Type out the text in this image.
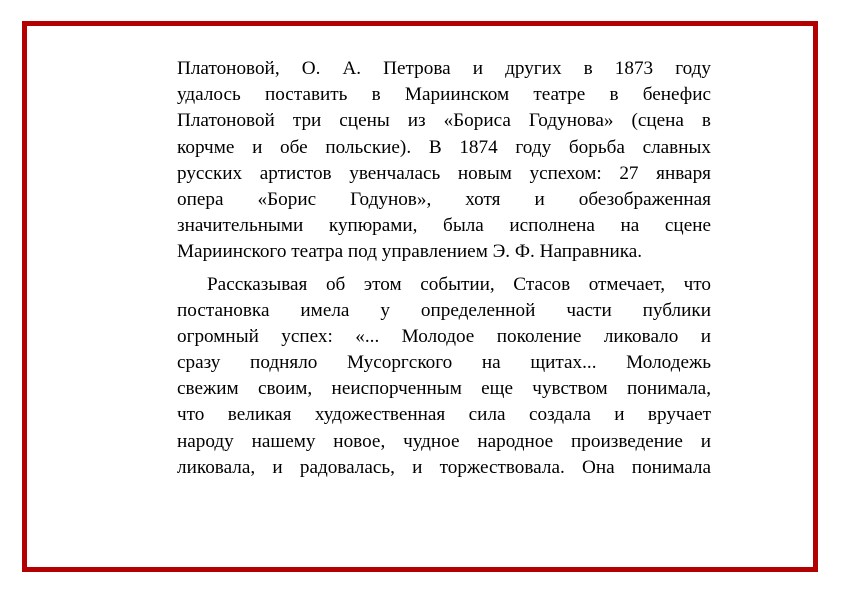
Платоновой, О. А. Петрова и других в 1873 году
удалось поставить в Мариинском театре в бенефис
Платоновой три сцены из «Бориса Годунова» (сцена в
корчме и обе польские). В 1874 году борьба славных
русских артистов увенчалась новым успехом: 27 января
опера «Борис Годунов», хотя и обезображенная
значительными купюрами, была исполнена на сцене
Мариинского театра под управлением Э. Ф. Направника.
Рассказывая об этом событии, Стасов отмечает, что
постановка имела у определенной части публики
огромный успех: «... Молодое поколение ликовало и
сразу подняло Мусоргского на щитах... Молодежь
свежим своим, неиспорченным еще чувством понимала,
что великая художественная сила создала и вручает
народу нашему новое, чудное народное произведение и
ликовала, и радовалась, и торжествовала. Она понимала
